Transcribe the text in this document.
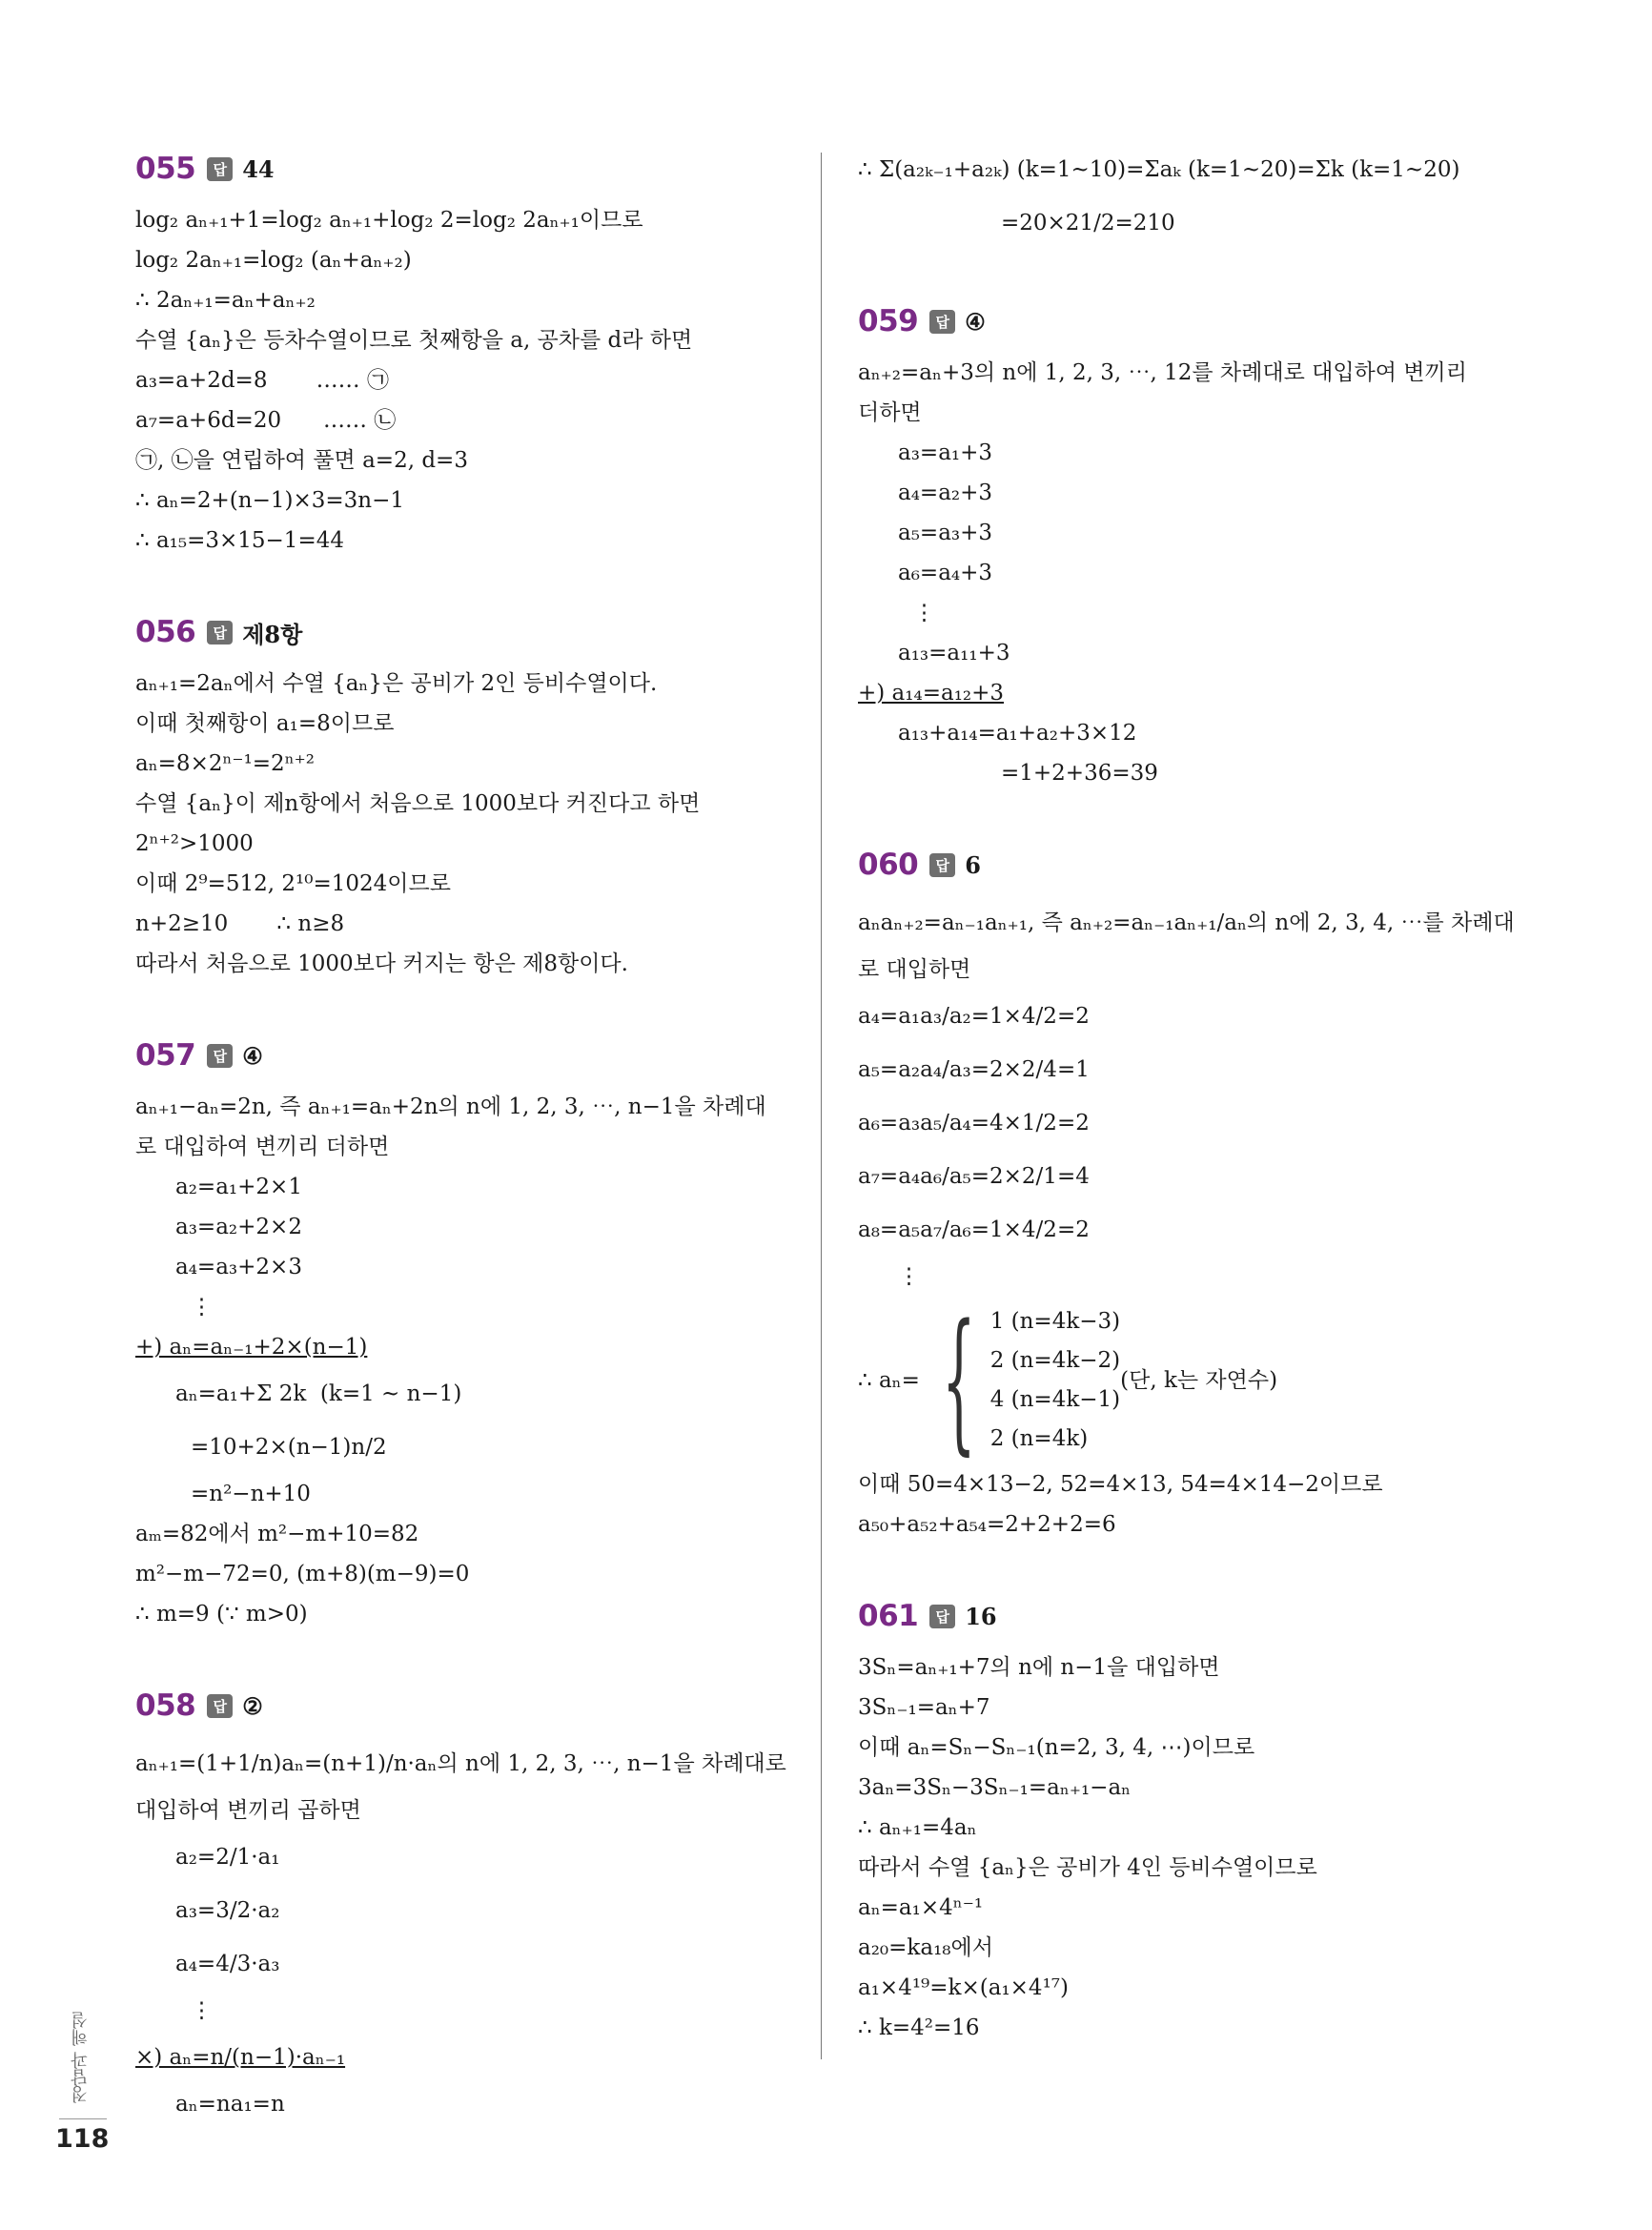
055	답 44
log₂ aₙ₊₁+1=log₂ aₙ₊₁+log₂ 2=log₂ 2aₙ₊₁이므로
log₂ 2aₙ₊₁=log₂ (aₙ+aₙ₊₂)
∴ 2aₙ₊₁=aₙ+aₙ₊₂
수열 {aₙ}은 등차수열이므로 첫째항을 a, 공차를 d라 하면
a₃=a+2d=8       …… ㉠
a₇=a+6d=20      …… ㉡
㉠, ㉡을 연립하여 풀면 a=2, d=3
∴ aₙ=2+(n−1)×3=3n−1
∴ a₁₅=3×15−1=44
056	답 제8항
aₙ₊₁=2aₙ에서 수열 {aₙ}은 공비가 2인 등비수열이다.
이때 첫째항이 a₁=8이므로
aₙ=8×2ⁿ⁻¹=2ⁿ⁺²
수열 {aₙ}이 제n항에서 처음으로 1000보다 커진다고 하면
2ⁿ⁺²>1000
이때 2⁹=512, 2¹⁰=1024이므로
n+2≥10       ∴ n≥8
따라서 처음으로 1000보다 커지는 항은 제8항이다.
057	답 ④
aₙ₊₁−aₙ=2n, 즉 aₙ₊₁=aₙ+2n의 n에 1, 2, 3, ⋯, n−1을 차례대
로 대입하여 변끼리 더하면
a₂=a₁+2×1
a₃=a₂+2×2
a₄=a₃+2×3
⋮
+) aₙ=aₙ₋₁+2×(n−1)
aₙ=a₁+Σ 2k  (k=1 ~ n−1)
=10+2×(n−1)n/2
=n²−n+10
aₘ=82에서 m²−m+10=82
m²−m−72=0, (m+8)(m−9)=0
∴ m=9 (∵ m>0)
058	답 ②
aₙ₊₁=(1+1/n)aₙ=(n+1)/n·aₙ의 n에 1, 2, 3, ⋯, n−1을 차례대로
대입하여 변끼리 곱하면
a₂=2/1·a₁
a₃=3/2·a₂
a₄=4/3·a₃
⋮
×) aₙ=n/(n−1)·aₙ₋₁
aₙ=na₁=n
∴ Σ(a₂ₖ₋₁+a₂ₖ) (k=1~10)=Σaₖ (k=1~20)=Σk (k=1~20)
=20×21/2=210
059	답 ④
aₙ₊₂=aₙ+3의 n에 1, 2, 3, ⋯, 12를 차례대로 대입하여 변끼리
더하면
a₃=a₁+3
a₄=a₂+3
a₅=a₃+3
a₆=a₄+3
⋮
a₁₃=a₁₁+3
+) a₁₄=a₁₂+3
a₁₃+a₁₄=a₁+a₂+3×12
=1+2+36=39
060	답 6
aₙaₙ₊₂=aₙ₋₁aₙ₊₁, 즉 aₙ₊₂=aₙ₋₁aₙ₊₁/aₙ의 n에 2, 3, 4, ⋯를 차례대
로 대입하면
a₄=a₁a₃/a₂=1×4/2=2
a₅=a₂a₄/a₃=2×2/4=1
a₆=a₃a₅/a₄=4×1/2=2
a₇=a₄a₆/a₅=2×2/1=4
a₈=a₅a₇/a₆=1×4/2=2
⋮
∴ aₙ= { 1 (n=4k−3)
2 (n=4k−2)
4 (n=4k−1)
2 (n=4k)
(단, k는 자연수)
이때 50=4×13−2, 52=4×13, 54=4×14−2이므로
a₅₀+a₅₂+a₅₄=2+2+2=6
061	답 16
3Sₙ=aₙ₊₁+7의 n에 n−1을 대입하면
3Sₙ₋₁=aₙ+7
이때 aₙ=Sₙ−Sₙ₋₁(n=2, 3, 4, ⋯)이므로
3aₙ=3Sₙ−3Sₙ₋₁=aₙ₊₁−aₙ
∴ aₙ₊₁=4aₙ
따라서 수열 {aₙ}은 공비가 4인 등비수열이므로
aₙ=a₁×4ⁿ⁻¹
a₂₀=ka₁₈에서
a₁×4¹⁹=k×(a₁×4¹⁷)
∴ k=4²=16
정답과 해설
118
